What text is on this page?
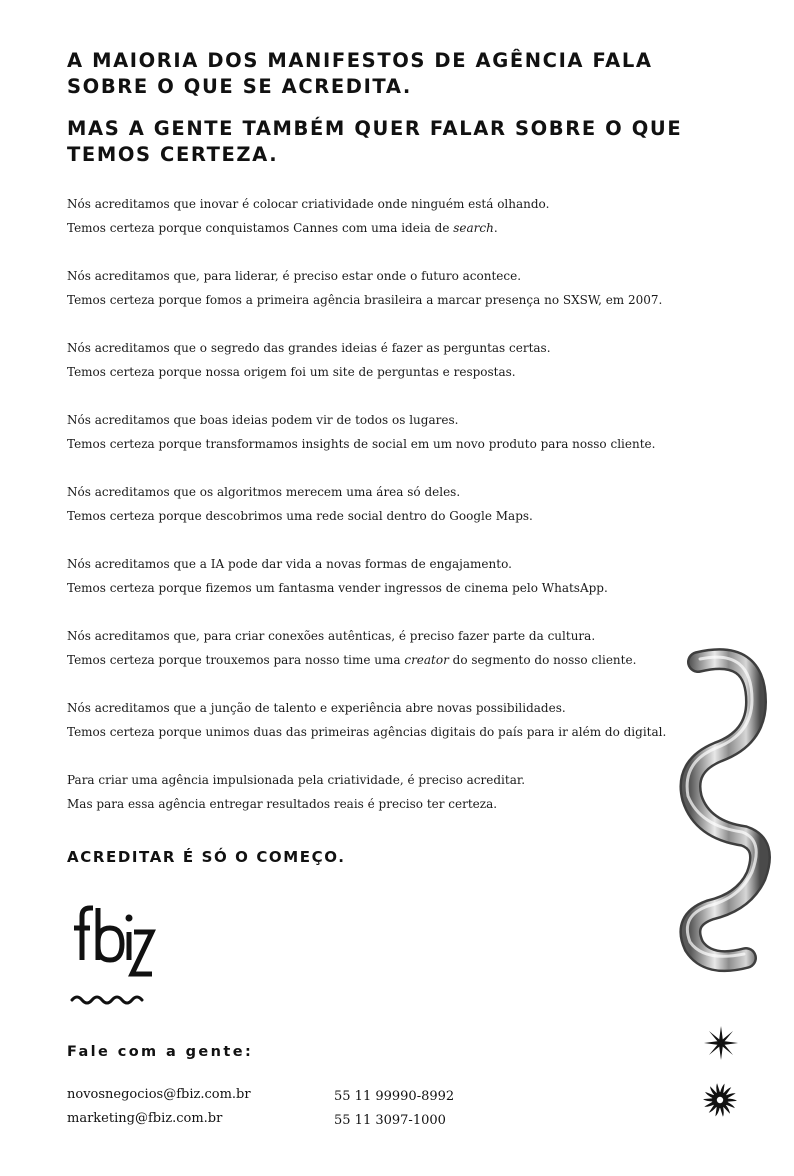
A MAIORIA DOS MANIFESTOS DE AGÊNCIA FALA SOBRE O QUE SE ACREDITA.
MAS A GENTE TAMBÉM QUER FALAR SOBRE O QUE TEMOS CERTEZA.
Nós acreditamos que inovar é colocar criatividade onde ninguém está olhando.
Temos certeza porque conquistamos Cannes com uma ideia de search.
Nós acreditamos que, para liderar, é preciso estar onde o futuro acontece.
Temos certeza porque fomos a primeira agência brasileira a marcar presença no SXSW, em 2007.
Nós acreditamos que o segredo das grandes ideias é fazer as perguntas certas.
Temos certeza porque nossa origem foi um site de perguntas e respostas.
Nós acreditamos que boas ideias podem vir de todos os lugares.
Temos certeza porque transformamos insights de social em um novo produto para nosso cliente.
Nós acreditamos que os algoritmos merecem uma área só deles.
Temos certeza porque descobrimos uma rede social dentro do Google Maps.
Nós acreditamos que a IA pode dar vida a novas formas de engajamento.
Temos certeza porque fizemos um fantasma vender ingressos de cinema pelo WhatsApp.
Nós acreditamos que, para criar conexões autênticas, é preciso fazer parte da cultura.
Temos certeza porque trouxemos para nosso time uma creator do segmento do nosso cliente.
Nós acreditamos que a junção de talento e experiência abre novas possibilidades.
Temos certeza porque unimos duas das primeiras agências digitais do país para ir além do digital.
Para criar uma agência impulsionada pela criatividade, é preciso acreditar.
Mas para essa agência entregar resultados reais é preciso ter certeza.

ACREDITAR É SÓ O COMEÇO.

Fale com a gente:

novosnegocios@fbiz.com.br
marketing@fbiz.com.br
55 11 99990-8992
55 11 3097-1000
